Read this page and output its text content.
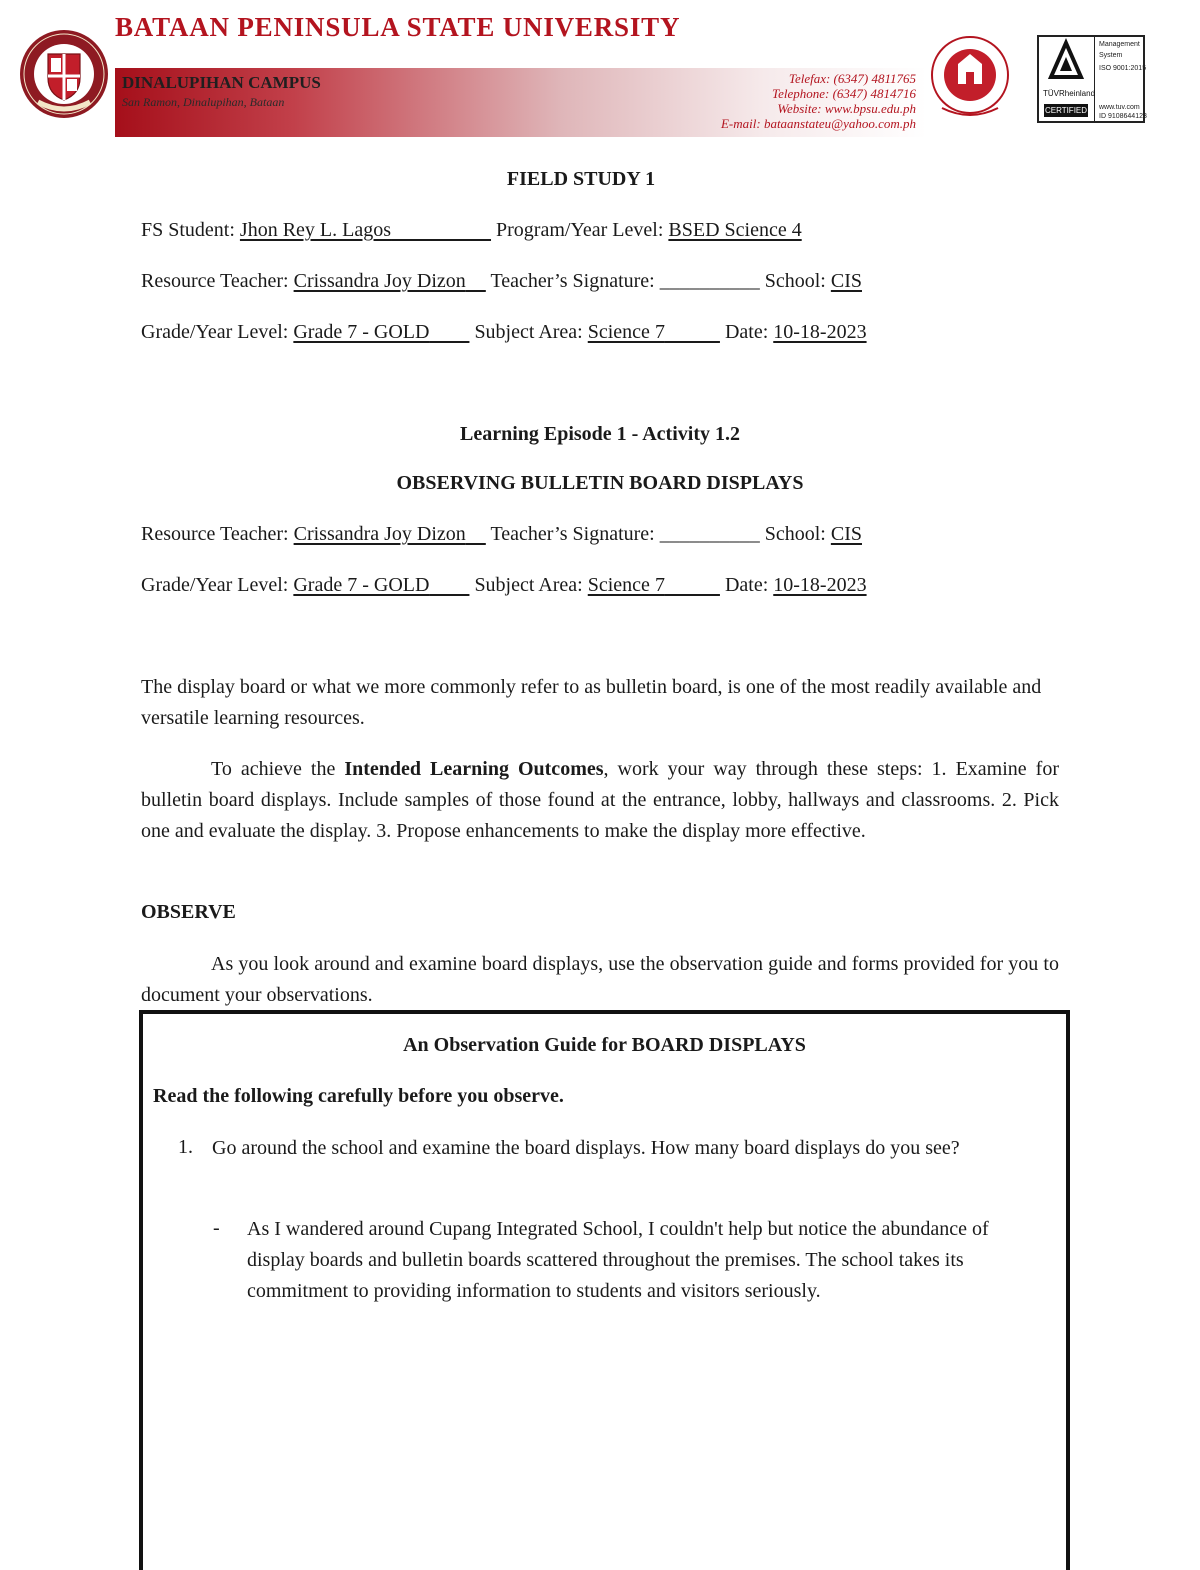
BATAAN PENINSULA STATE UNIVERSITY
DINALUPIHAN CAMPUS
San Ramon, Dinalupihan, Bataan
Telefax: (6347) 4811765
Telephone: (6347) 4814716
Website: www.bpsu.edu.ph
E-mail: bataanstateu@yahoo.com.ph
TÜVRheinland
CERTIFIED
Management
System
ISO 9001:2015
www.tuv.com
ID 9108644123
FIELD STUDY 1
FS Student: Jhon Rey L. Lagos	Program/Year Level: BSED Science 4
Resource Teacher: Crissandra Joy Dizon Teacher’s Signature: __________ School: CIS
Grade/Year Level: Grade 7 - GOLD Subject Area: Science 7	Date: 10-18-2023
Learning Episode 1 - Activity 1.2
OBSERVING BULLETIN BOARD DISPLAYS
Resource Teacher: Crissandra Joy Dizon Teacher’s Signature: __________ School: CIS
Grade/Year Level: Grade 7 - GOLD Subject Area: Science 7	Date: 10-18-2023
The display board or what we more commonly refer to as bulletin board, is one of the most readily available and versatile learning resources.
To achieve the Intended Learning Outcomes, work your way through these steps: 1. Examine for bulletin board displays. Include samples of those found at the entrance, lobby, hallways and classrooms. 2. Pick one and evaluate the display. 3. Propose enhancements to make the display more effective.
OBSERVE
As you look around and examine board displays, use the observation guide and forms provided for you to document your observations.
An Observation Guide for BOARD DISPLAYS
Read the following carefully before you observe.
1. Go around the school and examine the board displays. How many board displays do you see?
- As I wandered around Cupang Integrated School, I couldn't help but notice the abundance of display boards and bulletin boards scattered throughout the premises. The school takes its commitment to providing information to students and visitors seriously.
